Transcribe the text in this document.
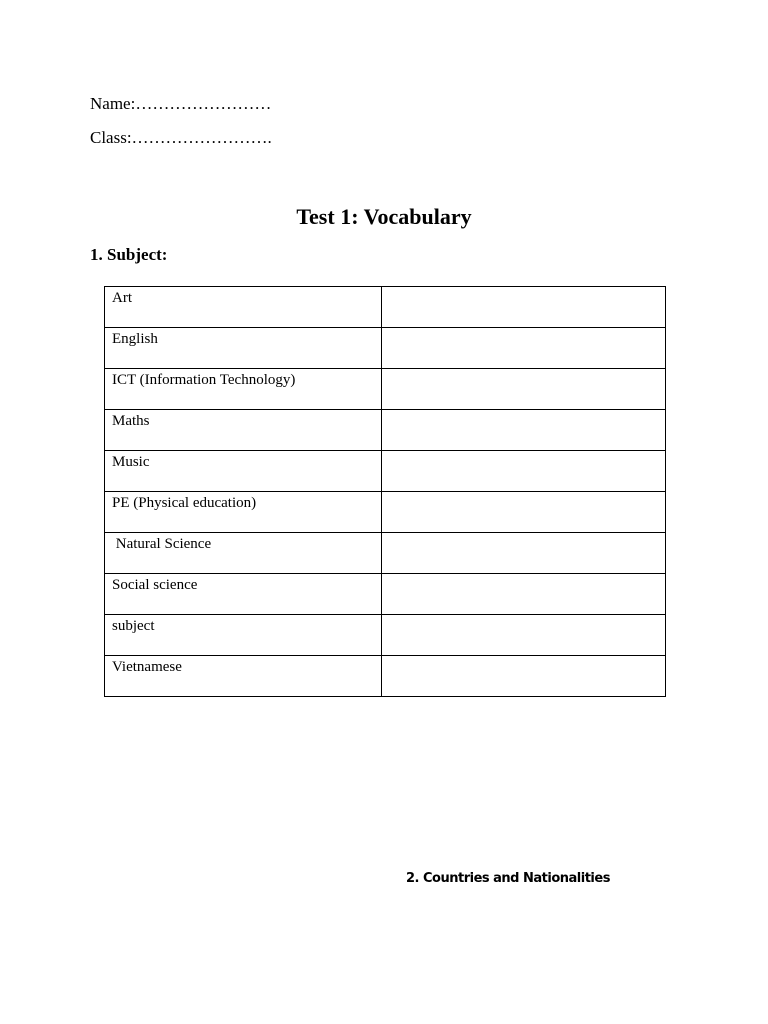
Name:……………………
Class:…………………….
Test 1: Vocabulary
1. Subject:
Art	
English	
ICT (Information Technology)	
Maths	
Music	
PE (Physical education)	
Natural Science	
Social science	
subject	
Vietnamese	
2. Countries and Nationalities
